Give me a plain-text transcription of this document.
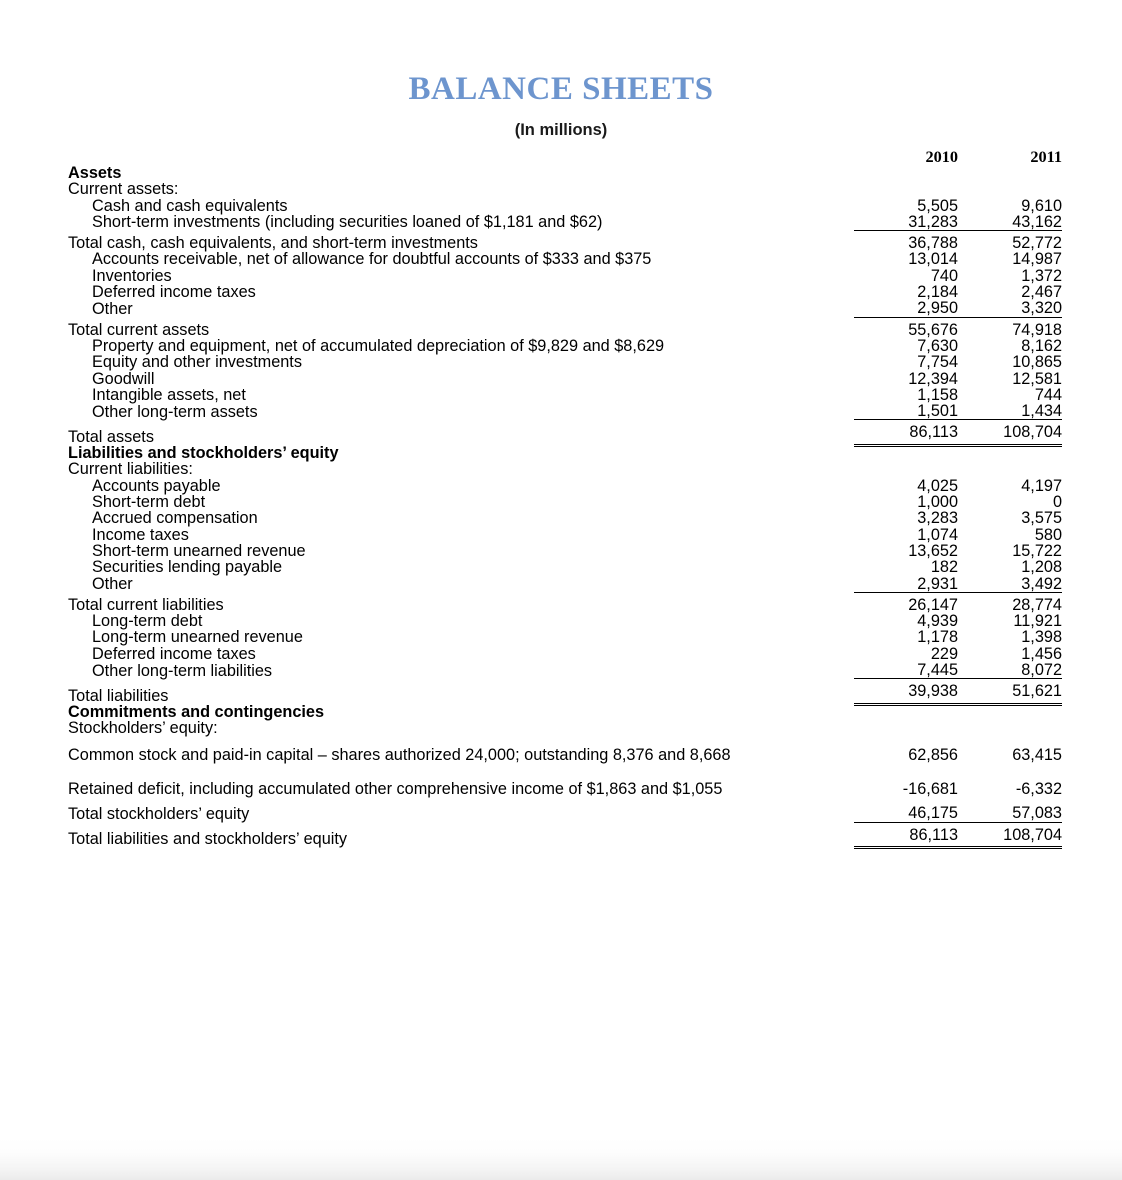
BALANCE SHEETS
(In millions)
	2010	2011
Assets		
Current assets:		
Cash and cash equivalents	5,505	9,610
Short-term investments (including securities loaned of $1,181 and $62)	31,283	43,162
Total cash, cash equivalents, and short-term investments	36,788	52,772
Accounts receivable, net of allowance for doubtful accounts of $333 and $375	13,014	14,987
Inventories	740	1,372
Deferred income taxes	2,184	2,467
Other	2,950	3,320
Total current assets	55,676	74,918
Property and equipment, net of accumulated depreciation of $9,829 and $8,629	7,630	8,162
Equity and other investments	7,754	10,865
Goodwill	12,394	12,581
Intangible assets, net	1,158	744
Other long-term assets	1,501	1,434
Total assets	86,113	108,704
Liabilities and stockholders’ equity		
Current liabilities:		
Accounts payable	4,025	4,197
Short-term debt	1,000	0
Accrued compensation	3,283	3,575
Income taxes	1,074	580
Short-term unearned revenue	13,652	15,722
Securities lending payable	182	1,208
Other	2,931	3,492
Total current liabilities	26,147	28,774
Long-term debt	4,939	11,921
Long-term unearned revenue	1,178	1,398
Deferred income taxes	229	1,456
Other long-term liabilities	7,445	8,072
Total liabilities	39,938	51,621
Commitments and contingencies		
Stockholders’ equity:		
Common stock and paid-in capital – shares authorized 24,000; outstanding 8,376 and 8,668	62,856	63,415
Retained deficit, including accumulated other comprehensive income of $1,863 and $1,055	-16,681	-6,332
Total stockholders’ equity	46,175	57,083
Total liabilities and stockholders’ equity	86,113	108,704
